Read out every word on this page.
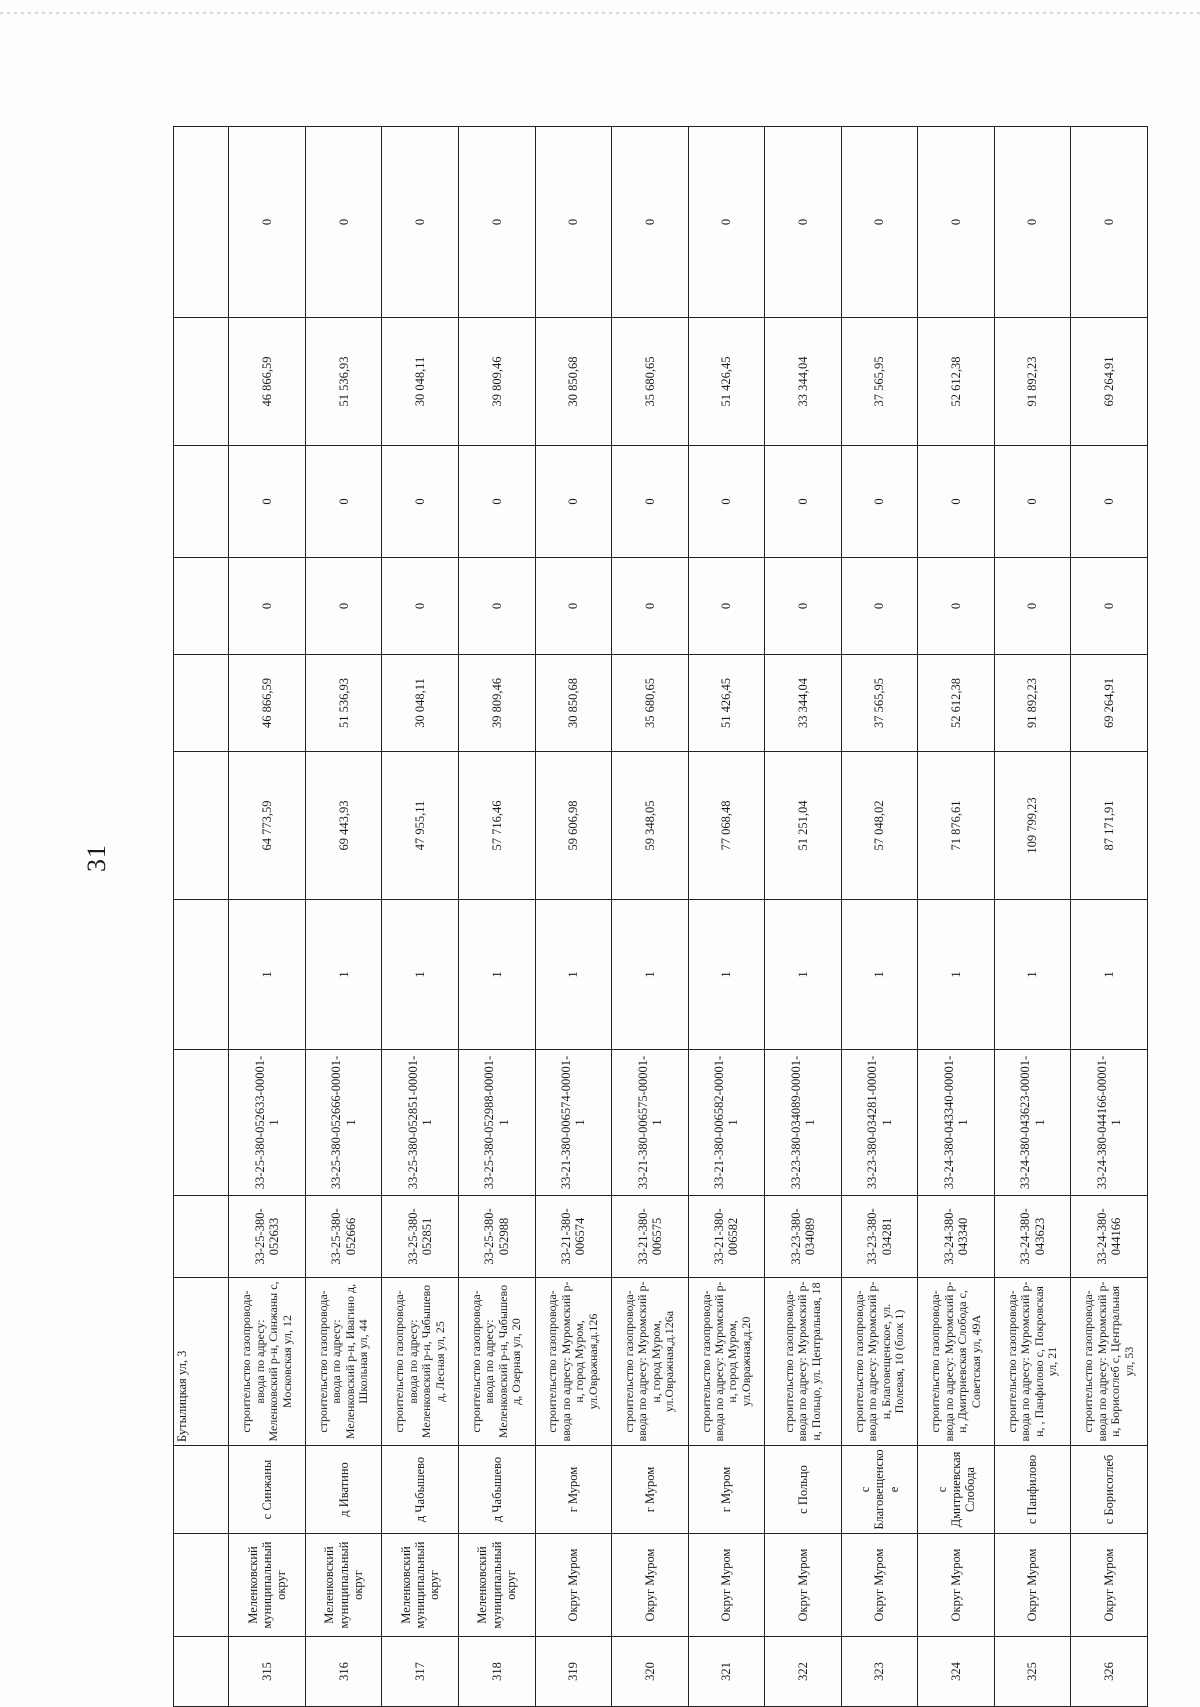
31
			Бутылицкая ул, 3									
315	Меленковский муниципальный округ	с Синжаны	строительство газопровода-ввода по адресу: Меленковский р-н, Синжаны с, Московская ул, 12	33-25-380-052633	33-25-380-052633-00001-1	1	64 773,59	46 866,59	0	0	46 866,59	0
316	Меленковский муниципальный округ	д Иватино	строительство газопровода-ввода по адресу: Меленковский р-н, Ивагино д, Школьная ул, 44	33-25-380-052666	33-25-380-052666-00001-1	1	69 443,93	51 536,93	0	0	51 536,93	0
317	Меленковский муниципальный округ	д Чабышево	строительство газопровода-ввода по адресу: Меленковский р-н, Чабышево д, Лесная ул, 25	33-25-380-052851	33-25-380-052851-00001-1	1	47 955,11	30 048,11	0	0	30 048,11	0
318	Меленковский муниципальный округ	д Чабышево	строительство газопровода-ввода по адресу: Меленковский р-н, Чабышево д, Озерная ул, 20	33-25-380-052988	33-25-380-052988-00001-1	1	57 716,46	39 809,46	0	0	39 809,46	0
319	Округ Муром	г Муром	строительство газопровода-ввода по адресу: Муромский р-н, город Муром, ул.Овражная,д.126	33-21-380-006574	33-21-380-006574-00001-1	1	59 606,98	30 850,68	0	0	30 850,68	0
320	Округ Муром	г Муром	строительство газопровода-ввода по адресу: Муромский р-н, город Муром, ул.Овражная,д.126а	33-21-380-006575	33-21-380-006575-00001-1	1	59 348,05	35 680,65	0	0	35 680,65	0
321	Округ Муром	г Муром	строительство газопровода-ввода по адресу: Муромский р-н, город Муром, ул.Овражная,д.20	33-21-380-006582	33-21-380-006582-00001-1	1	77 068,48	51 426,45	0	0	51 426,45	0
322	Округ Муром	с Польцо	строительство газопровода-ввода по адресу: Муромский р-н, Польцо, ул. Центральная, 18	33-23-380-034089	33-23-380-034089-00001-1	1	51 251,04	33 344,04	0	0	33 344,04	0
323	Округ Муром	с Благовещенское	строительство газопровода-ввода по адресу: Муромский р-н, Благовещенское, ул. Полевая, 10 (блок 1)	33-23-380-034281	33-23-380-034281-00001-1	1	57 048,02	37 565,95	0	0	37 565,95	0
324	Округ Муром	с Дмитриевская Слобода	строительство газопровода-ввода по адресу: Муромский р-н, Дмитриевская Слобода с, Советская ул, 49А	33-24-380-043340	33-24-380-043340-00001-1	1	71 876,61	52 612,38	0	0	52 612,38	0
325	Округ Муром	с Панфилово	строительство газопровода-ввода по адресу: Муромский р-н, , Панфилово с, Покровская ул, 21	33-24-380-043623	33-24-380-043623-00001-1	1	109 799,23	91 892,23	0	0	91 892,23	0
326	Округ Муром	с Борисоглеб	строительство газопровода-ввода по адресу: Муромский р-н, Борисоглеб с, Центральная ул, 53	33-24-380-044166	33-24-380-044166-00001-1	1	87 171,91	69 264,91	0	0	69 264,91	0
